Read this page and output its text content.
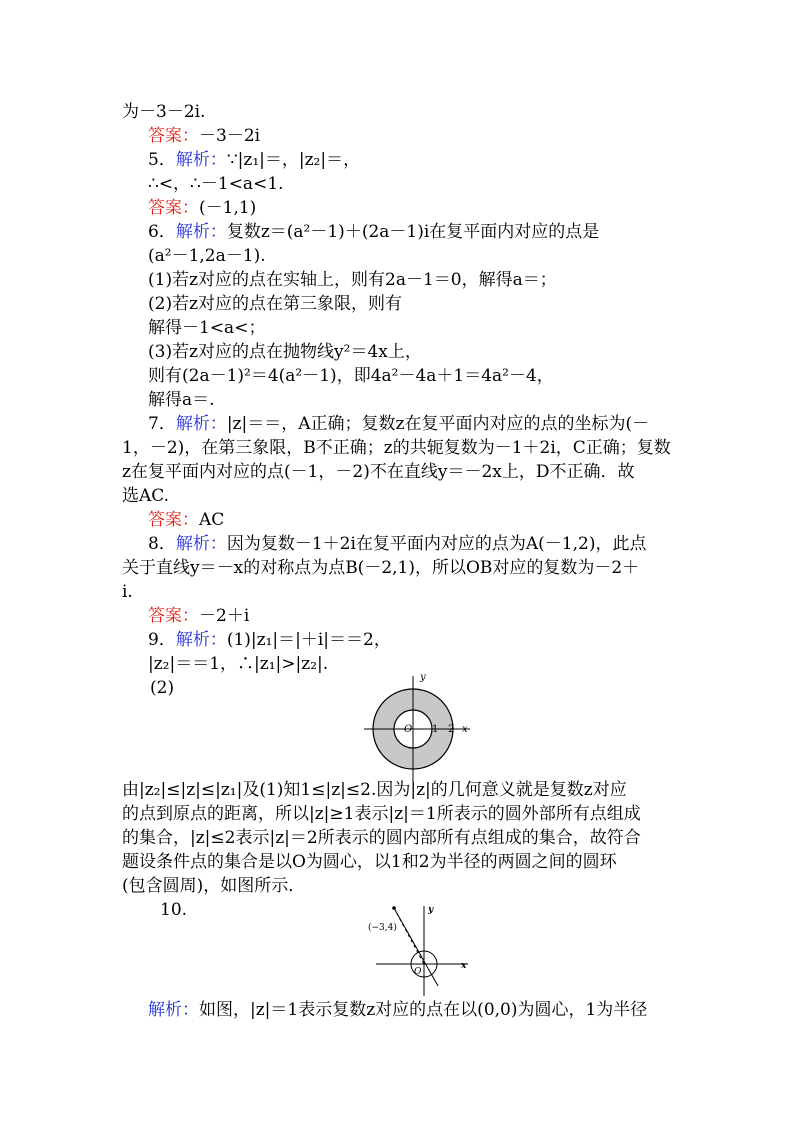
为－3－2i.
答案：－3－2i
5．解析：∵|z₁|＝，|z₂|＝，
∴<，∴－1<a<1.
答案：(－1,1)
6．解析：复数z＝(a²－1)＋(2a－1)i在复平面内对应的点是
(a²－1,2a－1).
(1)若z对应的点在实轴上，则有2a－1＝0，解得a＝；
(2)若z对应的点在第三象限，则有
解得－1<a<；
(3)若z对应的点在抛物线y²＝4x上，
则有(2a－1)²＝4(a²－1)，即4a²－4a＋1＝4a²－4，
解得a＝.
7．解析：|z|＝＝，A正确；复数z在复平面内对应的点的坐标为(－
1，－2)，在第三象限，B不正确；z的共轭复数为－1＋2i，C正确；复数
z在复平面内对应的点(－1，－2)不在直线y＝－2x上，D不正确．故
选AC.
答案：AC
8．解析：因为复数－1＋2i在复平面内对应的点为A(－1,2)，此点
关于直线y＝－x的对称点为点B(－2,1)，所以OB对应的复数为－2＋
i.
答案：－2＋i
9．解析：(1)|z₁|＝|＋i|＝＝2，
|z₂|＝＝1，∴|z₁|>|z₂|.
(2)
y
x
O 1 2
由|z₂|≤|z|≤|z₁|及(1)知1≤|z|≤2.因为|z|的几何意义就是复数z对应
的点到原点的距离，所以|z|≥1表示|z|＝1所表示的圆外部所有点组成
的集合，|z|≤2表示|z|＝2所表示的圆内部所有点组成的集合，故符合
题设条件点的集合是以O为圆心，以1和2为半径的两圆之间的圆环
(包含圆周)，如图所示．
10.
(−3,4)
y
x
O
解析：如图，|z|＝1表示复数z对应的点在以(0,0)为圆心，1为半径
